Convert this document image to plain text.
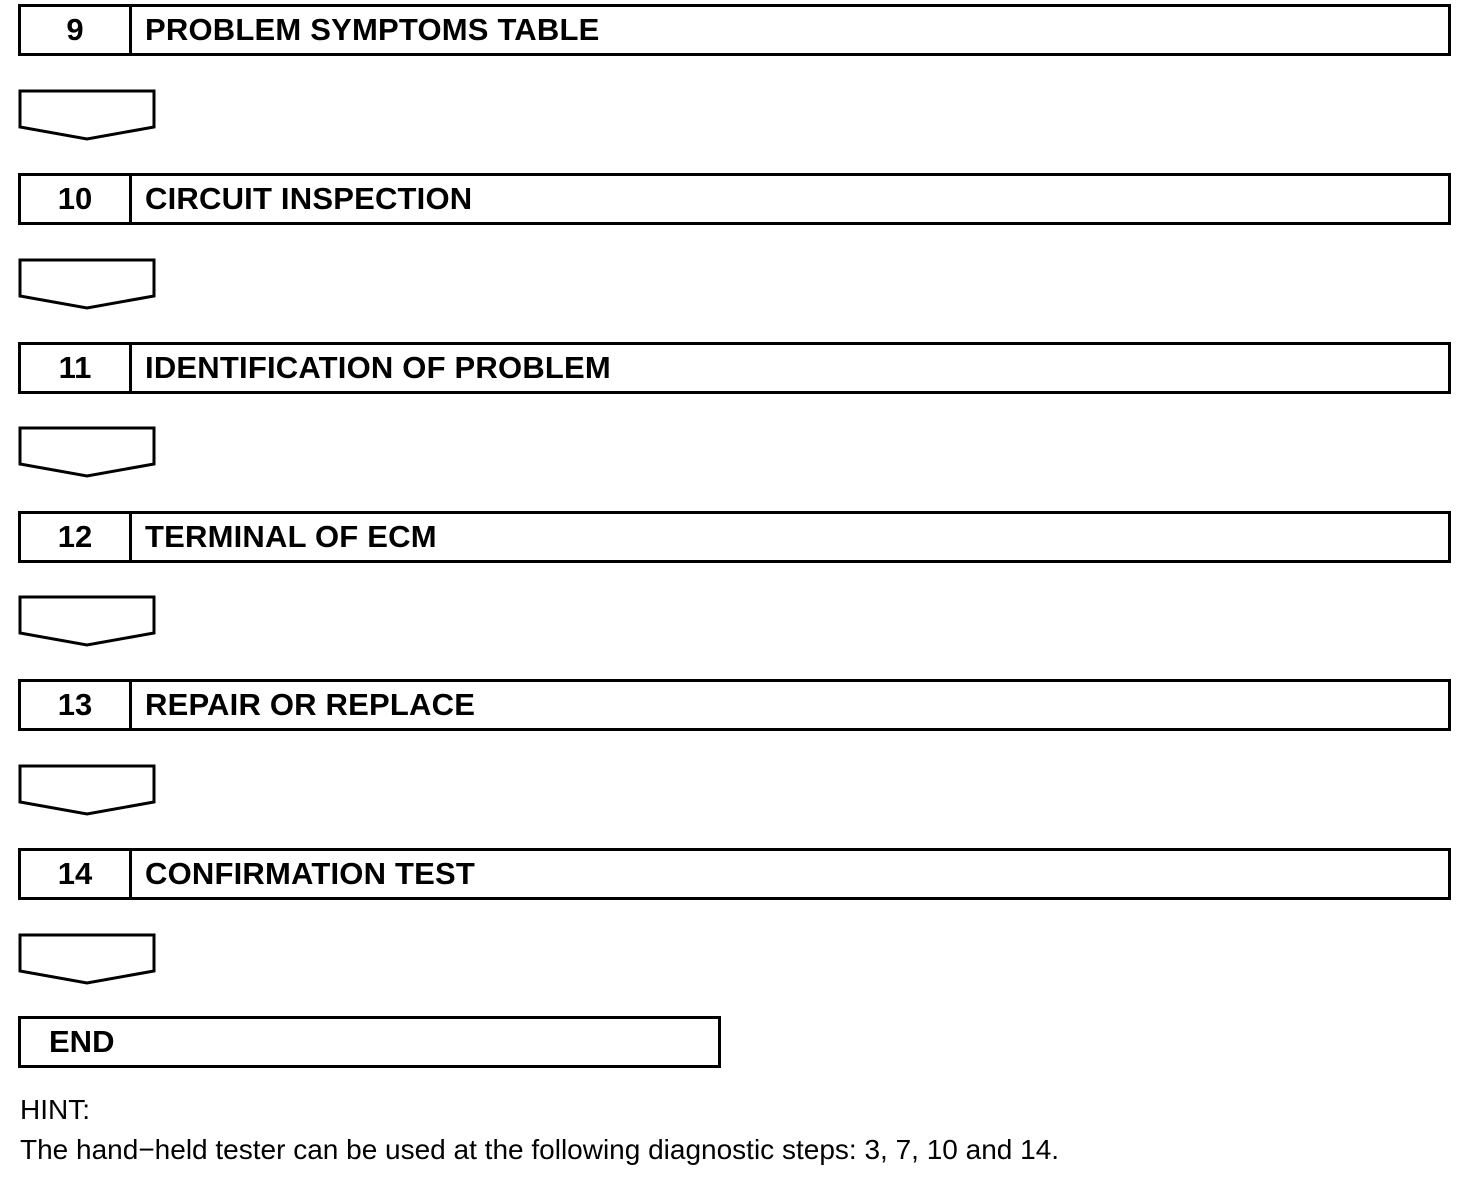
9	PROBLEM SYMPTOMS TABLE
10	CIRCUIT INSPECTION
11	IDENTIFICATION OF PROBLEM
12	TERMINAL OF ECM
13	REPAIR OR REPLACE
14	CONFIRMATION TEST
END
HINT:
The hand−held tester can be used at the following diagnostic steps: 3, 7, 10 and 14.
